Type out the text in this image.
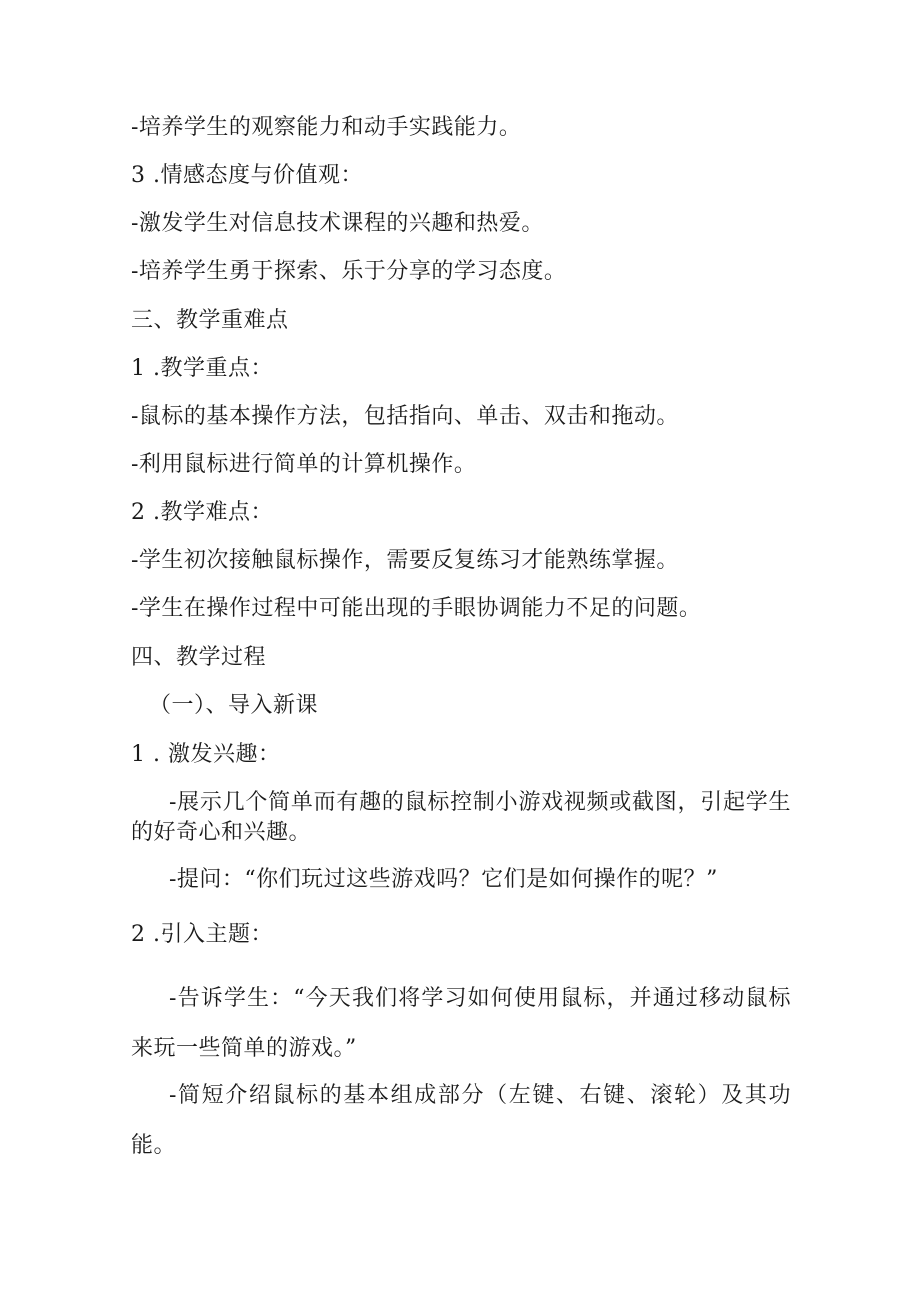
-培养学生的观察能力和动手实践能力。

3 .情感态度与价值观：

-激发学生对信息技术课程的兴趣和热爱。

-培养学生勇于探索、乐于分享的学习态度。

三、教学重难点

1 .教学重点：

-鼠标的基本操作方法，包括指向、单击、双击和拖动。

-利用鼠标进行简单的计算机操作。

2 .教学难点：

-学生初次接触鼠标操作，需要反复练习才能熟练掌握。

-学生在操作过程中可能出现的手眼协调能力不足的问题。

四、教学过程

（一）、导入新课

1 . 激发兴趣：

-展示几个简单而有趣的鼠标控制小游戏视频或截图，引起学生的好奇心和兴趣。

-提问：“你们玩过这些游戏吗？它们是如何操作的呢？”

2 .引入主题：

-告诉学生：“今天我们将学习如何使用鼠标，并通过移动鼠标来玩一些简单的游戏。”

-简短介绍鼠标的基本组成部分（左键、右键、滚轮）及其功能。
